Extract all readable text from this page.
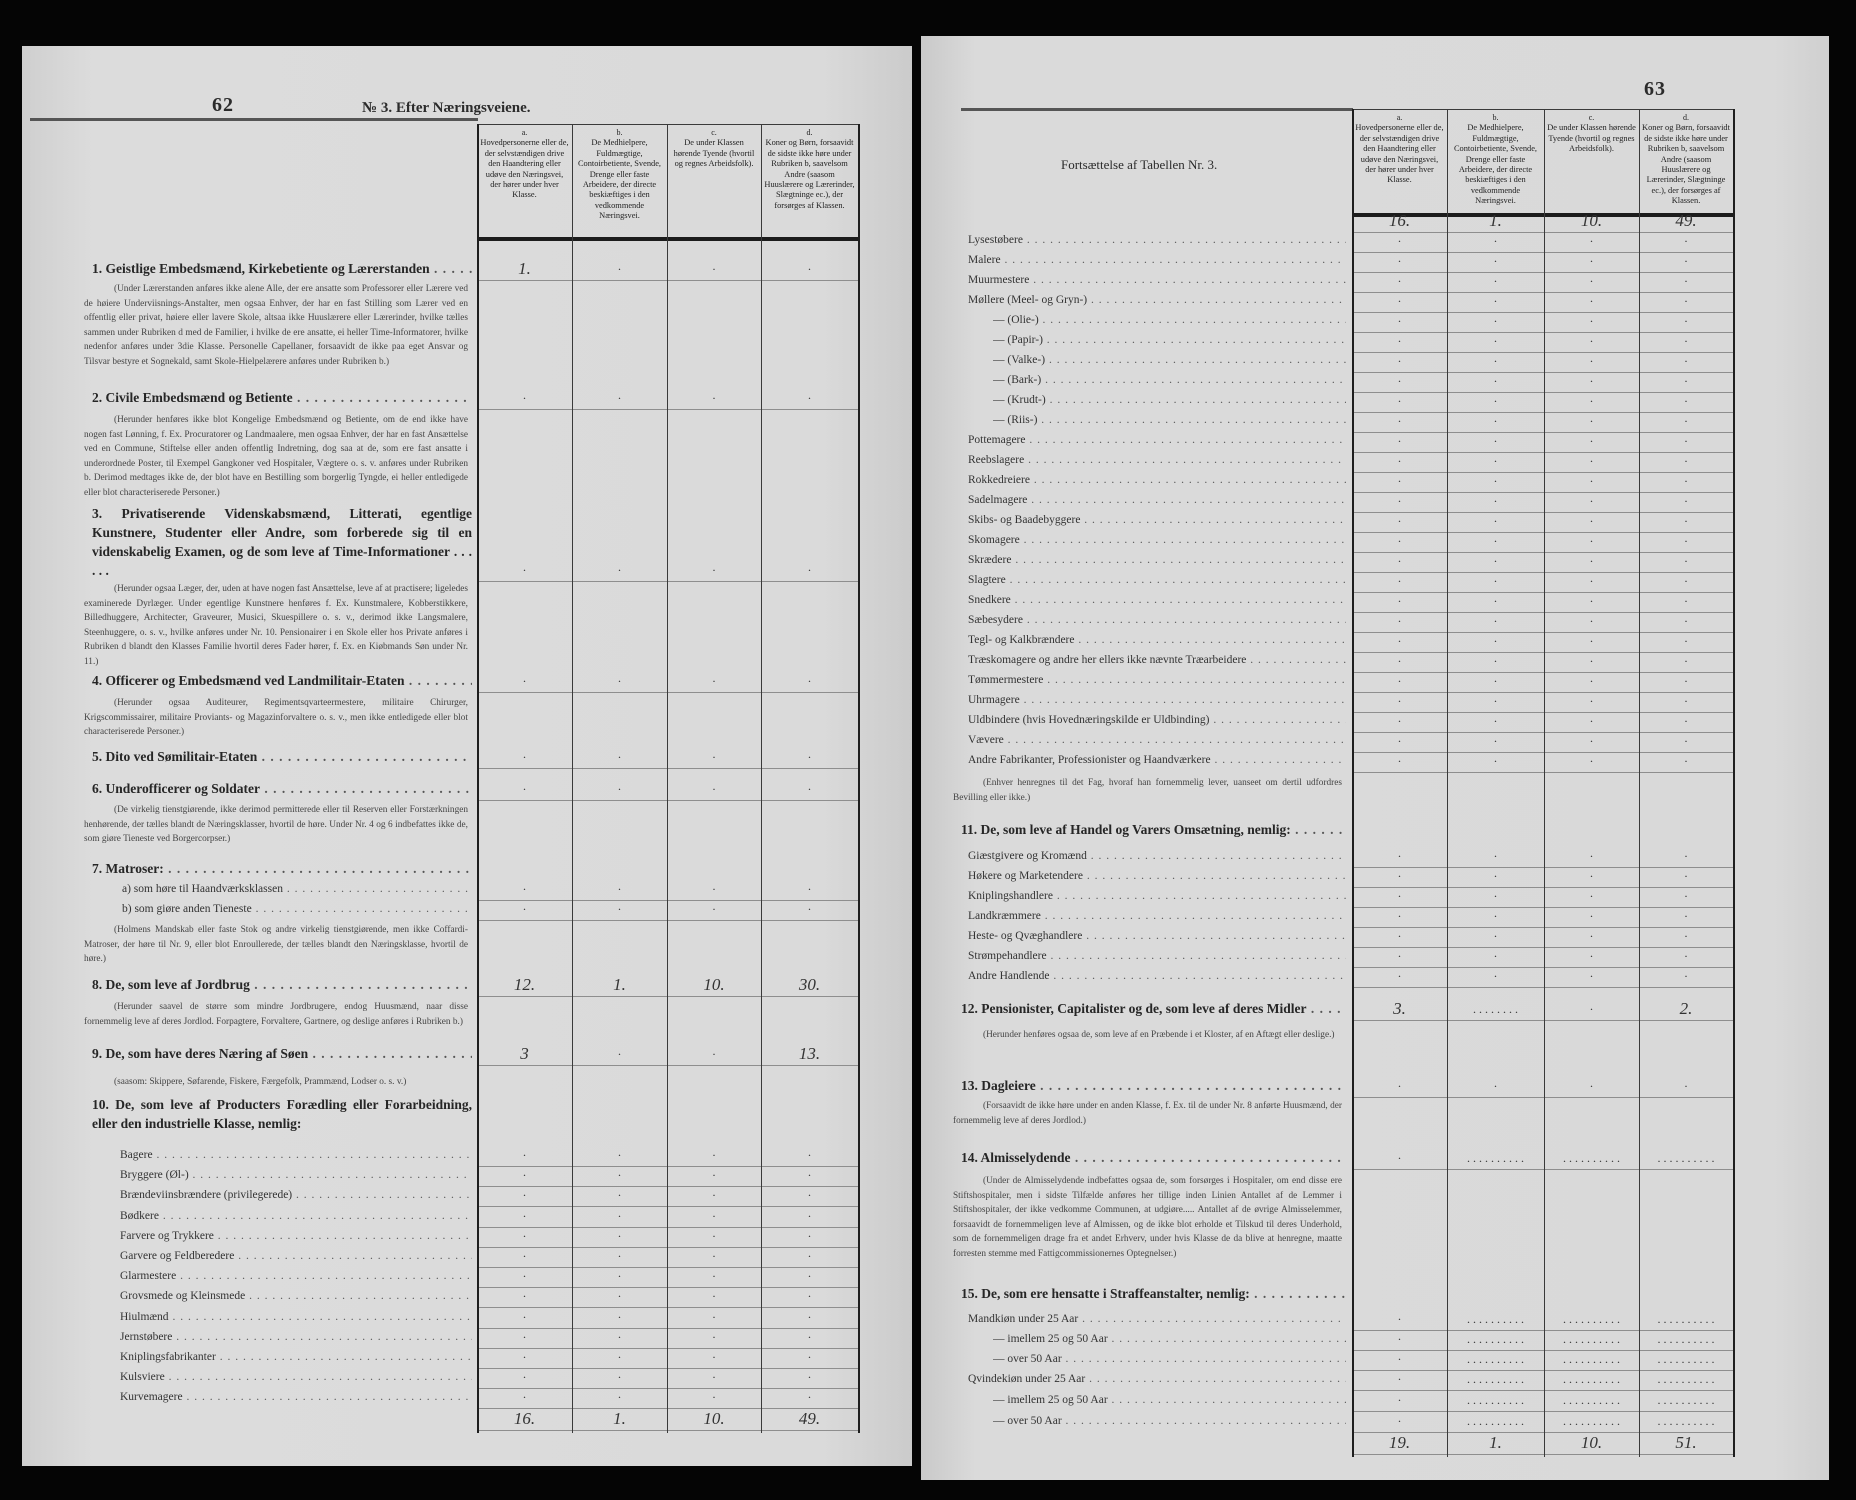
62	№ 3. Efter Næringsveiene.
a.
Hovedpersonerne eller de, der selvstændigen drive den Haandtering eller udøve den Næringsvei, der hører under hver Klasse.
b.
De Medhielpere, Fuldmægtige, Contoirbetiente, Svende, Drenge eller faste Arbeidere, der directe beskiæftiges i den vedkommende Næringsvei.
c.
De under Klassen hørende Tyende (hvortil og regnes Arbeidsfolk).
d.
Koner og Børn, forsaavidt de sidste ikke høre under Rubriken b, saavelsom Andre (saasom Huuslærere og Lærerinder, Slægtninge ec.), der forsørges af Klassen.
1. Geistlige Embedsmænd, Kirkebetiente og Lærerstanden . . .	1.	·	·	·
(Under Lærerstanden anføres ikke alene Alle, der ere ansatte som Professorer eller Lærere ved de høiere Underviisnings-Anstalter, men ogsaa Enhver, der har en fast Stilling som Lærer ved en offentlig eller privat, høiere eller lavere Skole, altsaa ikke Huuslærere eller Lærerinder, hvilke tælles sammen under Rubriken d med de Familier, i hvilke de ere ansatte, ei heller Time-Informatorer, hvilke nedenfor anføres under 3die Klasse. Personelle Capellaner, forsaavidt de ikke paa eget Ansvar og Tilsvar bestyre et Sognekald, samt Skole-Hielpelærere anføres under Rubriken b.)
2. Civile Embedsmænd og Betiente . . .	·	·	·	·
(Herunder henføres ikke blot Kongelige Embedsmænd og Betiente, om de end ikke have nogen fast Lønning, f. Ex. Procuratorer og Landmaalere, men ogsaa Enhver, der har en fast Ansættelse ved en Commune, Stiftelse eller anden offentlig Indretning, dog saa at de, som ere fast ansatte i underordnede Poster, til Exempel Gangkoner ved Hospitaler, Vægtere o. s. v. anføres under Rubriken b. Derimod medtages ikke de, der blot have en Bestilling som borgerlig Tyngde, ei heller entledigede eller blot characteriserede Personer.)
3. Privatiserende Videnskabsmænd, Litterati, egentlige Kunstnere, Studenter eller Andre, som forberede sig til en videnskabelig Examen, og de som leve af Time-Informationer . . . . . .	·	·	·	·
(Herunder ogsaa Læger, der, uden at have nogen fast Ansættelse, leve af at practisere; ligeledes examinerede Dyrlæger. Under egentlige Kunstnere henføres f. Ex. Kunstmalere, Kobberstikkere, Billedhuggere, Architecter, Graveurer, Musici, Skuespillere o. s. v., derimod ikke Langsmalere, Steenhuggere, o. s. v., hvilke anføres under Nr. 10. Pensionairer i en Skole eller hos Private anføres i Rubriken d blandt den Klasses Familie hvortil deres Fader hører, f. Ex. en Kiøbmands Søn under Nr. 11.)
4. Officerer og Embedsmænd ved Landmilitair-Etaten . . .	·	·	·	·
(Herunder ogsaa Auditeurer, Regimentsqvarteermestere, militaire Chirurger, Krigscommissairer, militaire Proviants- og Magazinforvaltere o. s. v., men ikke entledigede eller blot characteriserede Personer.)
5. Dito ved Sømilitair-Etaten . . .	·	·	·	·
6. Underofficerer og Soldater . . .	·	·	·	·
(De virkelig tienstgiørende, ikke derimod permitterede eller til Reserven eller Forstærkningen henhørende, der tælles blandt de Næringsklasser, hvortil de høre. Under Nr. 4 og 6 indbefattes ikke de, som giøre Tieneste ved Borgercorpser.)
7. Matroser: . . .
a) som høre til Haandværksklassen . . .	·	·	·	·
b) som giøre anden Tieneste . . .	·	·	·	·
(Holmens Mandskab eller faste Stok og andre virkelig tienstgiørende, men ikke Coffardi-Matroser, der høre til Nr. 9, eller blot Enroullerede, der tælles blandt den Næringsklasse, hvortil de høre.)
8. De, som leve af Jordbrug . . .	12.	1.	10.	30.
(Herunder saavel de større som mindre Jordbrugere, endog Huusmænd, naar disse fornemmelig leve af deres Jordlod. Forpagtere, Forvaltere, Gartnere, og deslige anføres i Rubriken b.)
9. De, som have deres Næring af Søen . . .	3	·	·	13.
(saasom: Skippere, Søfarende, Fiskere, Færgefolk, Prammænd, Lodser o. s. v.)
10. De, som leve af Producters Forædling eller Forarbeidning, eller den industrielle Klasse, nemlig:
Bagere . . .	·	·	·	·
Bryggere (Øl-) . . .	·	·	·	·
Brændeviinsbrændere (privilegerede) . . .	·	·	·	·
Bødkere . . .	·	·	·	·
Farvere og Trykkere . . .	·	·	·	·
Garvere og Feldberedere . . .	·	·	·	·
Glarmestere . . .	·	·	·	·
Grovsmede og Kleinsmede . . .	·	·	·	·
Hiulmænd . . .	·	·	·	·
Jernstøbere . . .	·	·	·	·
Kniplingsfabrikanter . . .	·	·	·	·
Kulsviere . . .	·	·	·	·
Kurvemagere . . .	·	·	·	·
16.	1.	10.	49.
63
Fortsættelse af Tabellen Nr. 3.
a.
Hovedpersonerne eller de, der selvstændigen drive den Haandtering eller udøve den Næringsvei, der hører under hver Klasse.
b.
De Medhielpere, Fuldmægtige, Contoirbetiente, Svende, Drenge eller faste Arbeidere, der directe beskiæftiges i den vedkommende Næringsvei.
c.
De under Klassen hørende Tyende (hvortil og regnes Arbeidsfolk).
d.
Koner og Børn, forsaavidt de sidste ikke høre under Rubriken b, saavelsom Andre (saasom Huuslærere og Lærerinder, Slægtninge ec.), der forsørges af Klassen.
16.	1.	10.	49.
Lysestøbere . . .	·	·	·	·
Malere . . .	·	·	·	·
Muurmestere . . .	·	·	·	·
Møllere (Meel- og Gryn-) . . .	·	·	·	·
— (Olie-) . . .	·	·	·	·
— (Papir-) . . .	·	·	·	·
— (Valke-) . . .	·	·	·	·
— (Bark-) . . .	·	·	·	·
— (Krudt-) . . .	·	·	·	·
— (Riis-) . . .	·	·	·	·
Pottemagere . . .	·	·	·	·
Reebslagere . . .	·	·	·	·
Rokkedreiere . . .	·	·	·	·
Sadelmagere . . .	·	·	·	·
Skibs- og Baadebyggere . . .	·	·	·	·
Skomagere . . .	·	·	·	·
Skrædere . . .	·	·	·	·
Slagtere . . .	·	·	·	·
Snedkere . . .	·	·	·	·
Sæbesydere . . .	·	·	·	·
Tegl- og Kalkbrændere . . .	·	·	·	·
Træskomagere og andre her ellers ikke nævnte Træarbeidere . . .	·	·	·	·
Tømmermestere . . .	·	·	·	·
Uhrmagere . . .	·	·	·	·
Uldbindere (hvis Hovednæringskilde er Uldbinding) . . .	·	·	·	·
Vævere . . .	·	·	·	·
Andre Fabrikanter, Professionister og Haandværkere . . .	·	·	·	·
(Enhver henregnes til det Fag, hvoraf han fornemmelig lever, uanseet om dertil udfordres Bevilling eller ikke.)
11. De, som leve af Handel og Varers Omsætning, nemlig: . . .
Giæstgivere og Kromænd . . .	·	·	·	·
Høkere og Marketendere . . .	·	·	·	·
Kniplingshandlere . . .	·	·	·	·
Landkræmmere . . .	·	·	·	·
Heste- og Qvæghandlere . . .	·	·	·	·
Strømpehandlere . . .	·	·	·	·
Andre Handlende . . .	·	·	·	·
12. Pensionister, Capitalister og de, som leve af deres Midler . . .	3.	. . . . . . . .	·	2.
(Herunder henføres ogsaa de, som leve af en Præbende i et Kloster, af en Aftægt eller deslige.)
13. Dagleiere . . .	·	·	·	·
(Forsaavidt de ikke høre under en anden Klasse, f. Ex. til de under Nr. 8 anførte Huusmænd, der fornemmelig leve af deres Jordlod.)
14. Almisselydende . . .	·	. . . . . . . . . .	. . . . . . . . . .	. . . . . . . . . .
(Under de Almisselydende indbefattes ogsaa de, som forsørges i Hospitaler, om end disse ere Stiftshospitaler, men i sidste Tilfælde anføres her tillige inden Linien Antallet af de Lemmer i Stiftshospitaler, der ikke vedkomme Communen, at udgiøre..... Antallet af de øvrige Almisselemmer, forsaavidt de fornemmeligen leve af Almissen, og de ikke blot erholde et Tilskud til deres Underhold, som de fornemmeligen drage fra et andet Erhverv, under hvis Klasse de da blive at henregne, maatte forresten stemme med Fattigcommissionernes Optegnelser.)
15. De, som ere hensatte i Straffeanstalter, nemlig: . . .
Mandkiøn under 25 Aar . . .	·	. . . . . . . . . .	. . . . . . . . . .	. . . . . . . . . .
— imellem 25 og 50 Aar . . .	·	. . . . . . . . . .	. . . . . . . . . .	. . . . . . . . . .
— over 50 Aar . . .	·	. . . . . . . . . .	. . . . . . . . . .	. . . . . . . . . .
Qvindekiøn under 25 Aar . . .	·	. . . . . . . . . .	. . . . . . . . . .	. . . . . . . . . .
— imellem 25 og 50 Aar . . .	·	. . . . . . . . . .	. . . . . . . . . .	. . . . . . . . . .
— over 50 Aar . . .	·	. . . . . . . . . .	. . . . . . . . . .	. . . . . . . . . .
19.	1.	10.	51.
